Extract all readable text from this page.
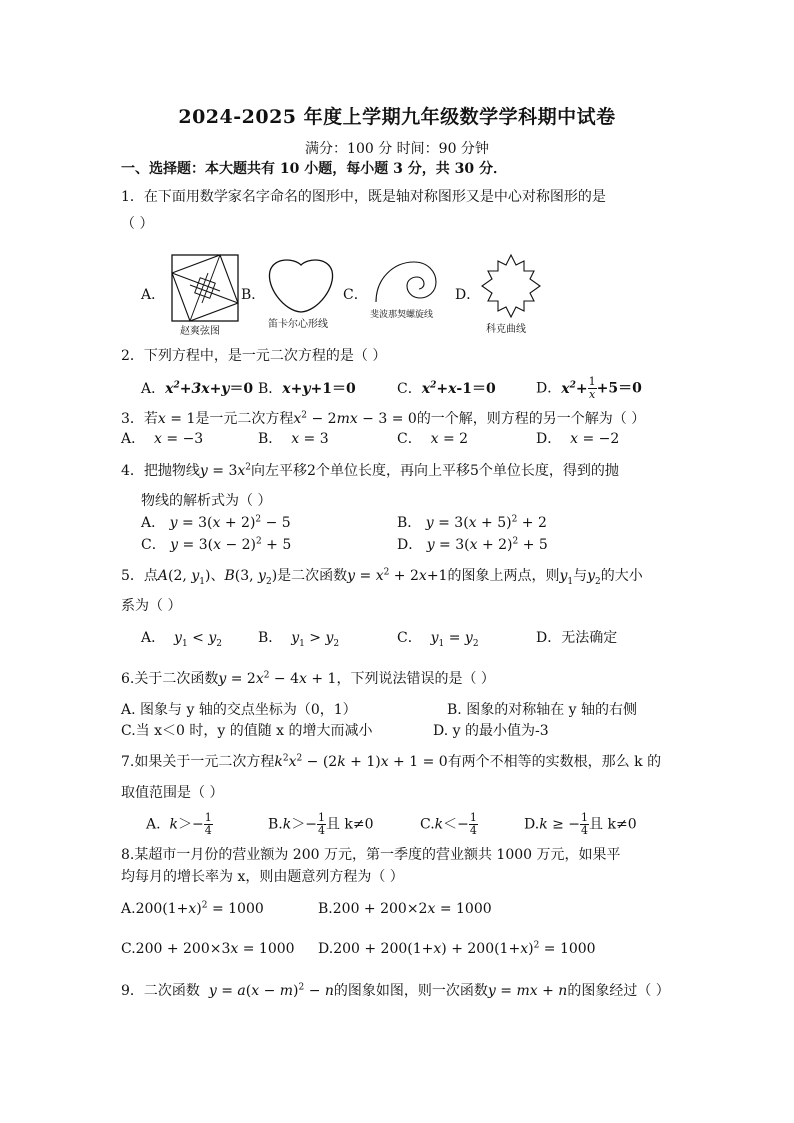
2024-2025 年度上学期九年级数学学科期中试卷
满分：100 分 时间：90 分钟
一、选择题：本大题共有 10 小题，每小题 3 分，共 30 分．
1．在下面用数学家名字命名的图形中，既是轴对称图形又是中心对称图形的是
（ ）
A．
赵爽弦图
B．
笛卡尔心形线
C．
斐波那契螺旋线
D．
科克曲线
2．下列方程中，是一元二次方程的是（ ）
A．$x^2+3x+y=0$ B．x+y+1＝0	C．$x^2+x-1=0$	D．$x^2+ \frac{1}{x} +5=0$
3．若x = 1是一元二次方程$x^2 - 2mx - 3 = 0$的一个解，则方程的另一个解为（ ）
A． x = −3	B． x = 3	C． x = 2	D． x = −2
4．把抛物线$y = 3x^2$向左平移2个单位长度，再向上平移5个单位长度，得到的抛
物线的解析式为（ ）
A． $y = 3(x + 2)^2 - 5$	B． $y = 3(x + 5)^2 + 2$
C． $y = 3(x - 2)^2 + 5$	D． $y = 3(x + 2)^2 + 5$
5．点A(2, $y_1$)、B(3, $y_2$)是二次函数$y = x^2 + 2x+1$的图象上两点，则$y_1$与$y_2$的大小
系为（ ）
A． $y_1 < y_2$	B． $y_1 > y_2$	C． $y_1 = y_2$	D．无法确定
6.关于二次函数$y = 2x^2 - 4x + 1$，下列说法错误的是（ ）
A. 图象与 y 轴的交点坐标为（0，1）	B. 图象的对称轴在 y 轴的右侧
C.当 x＜0 时，y 的值随 x 的增大而减小	D. y 的最小值为-3
7.如果关于一元二次方程$k^2x^2 - (2k + 1)x + 1 = 0$有两个不相等的实数根，那么 k 的
取值范围是（ ）
A. $k>- \frac{1}{4}$	$B.k>- \frac{1}{4}$ 且 k≠0	$C.k<- \frac{1}{4}$	D.k ≥ − $\frac{1}{4}$ 且 k≠0
8.某超市一月份的营业额为 200 万元，第一季度的营业额共 1000 万元，如果平
均每月的增长率为 x，则由题意列方程为（ ）
$A.200(1+x)^2 = 1000$	B.200 + 200×2x = 1000
C.200 + 200×3x = 1000 $D.200 + 200(1+x) + 200(1+x)^2 = 1000$
9．二次函数 $y = a(x - m)^2 - n$的图象如图，则一次函数y = mx + n的图象经过（ ）
